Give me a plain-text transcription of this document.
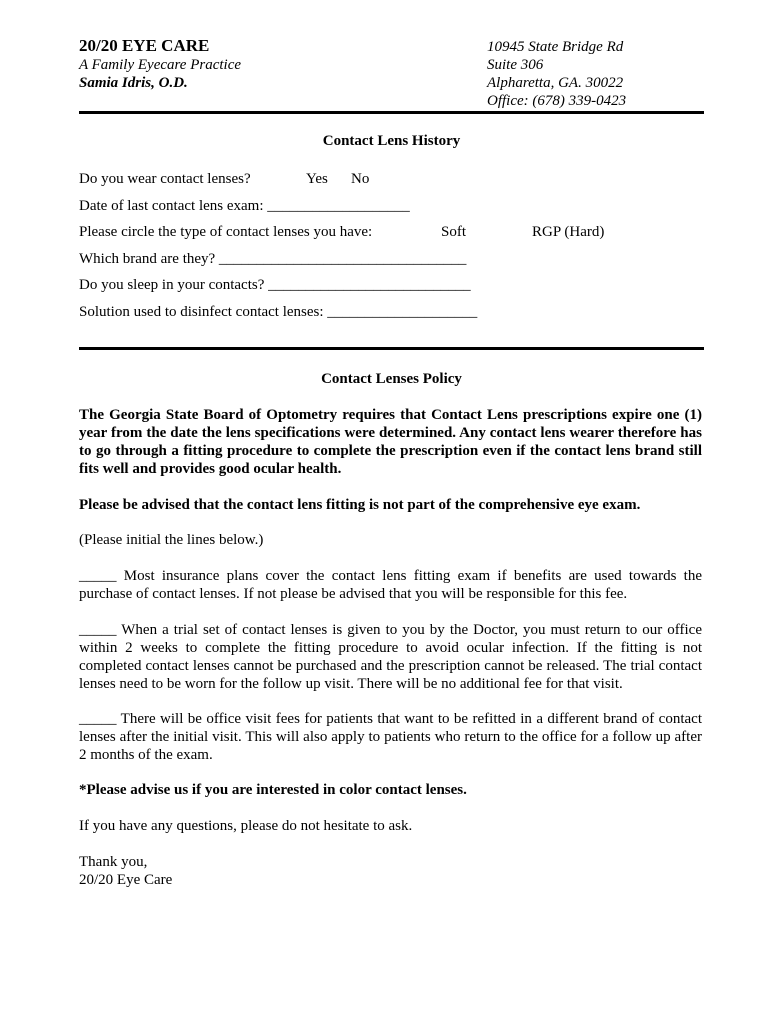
20/20 EYE CARE
A Family Eyecare Practice
Samia Idris, O.D.
10945 State Bridge Rd
Suite 306
Alpharetta, GA. 30022
Office: (678) 339-0423
Contact Lens History
Do you wear contact lenses?	Yes No
Date of last contact lens exam: ___________________
Please circle the type of contact lenses you have:	Soft	RGP (Hard)
Which brand are they? _________________________________
Do you sleep in your contacts? ___________________________
Solution used to disinfect contact lenses: ____________________
Contact Lenses Policy
The Georgia State Board of Optometry requires that Contact Lens prescriptions expire one (1) year from the date the lens specifications were determined. Any contact lens wearer therefore has to go through a fitting procedure to complete the prescription even if the contact lens brand still fits well and provides good ocular health.
Please be advised that the contact lens fitting is not part of the comprehensive eye exam.
(Please initial the lines below.)
_____ Most insurance plans cover the contact lens fitting exam if benefits are used towards the purchase of contact lenses. If not please be advised that you will be responsible for this fee.
_____ When a trial set of contact lenses is given to you by the Doctor, you must return to our office within 2 weeks to complete the fitting procedure to avoid ocular infection. If the fitting is not completed contact lenses cannot be purchased and the prescription cannot be released. The trial contact lenses need to be worn for the follow up visit. There will be no additional fee for that visit.
_____ There will be office visit fees for patients that want to be refitted in a different brand of contact lenses after the initial visit. This will also apply to patients who return to the office for a follow up after 2 months of the exam.
*Please advise us if you are interested in color contact lenses.
If you have any questions, please do not hesitate to ask.
Thank you,
20/20 Eye Care
